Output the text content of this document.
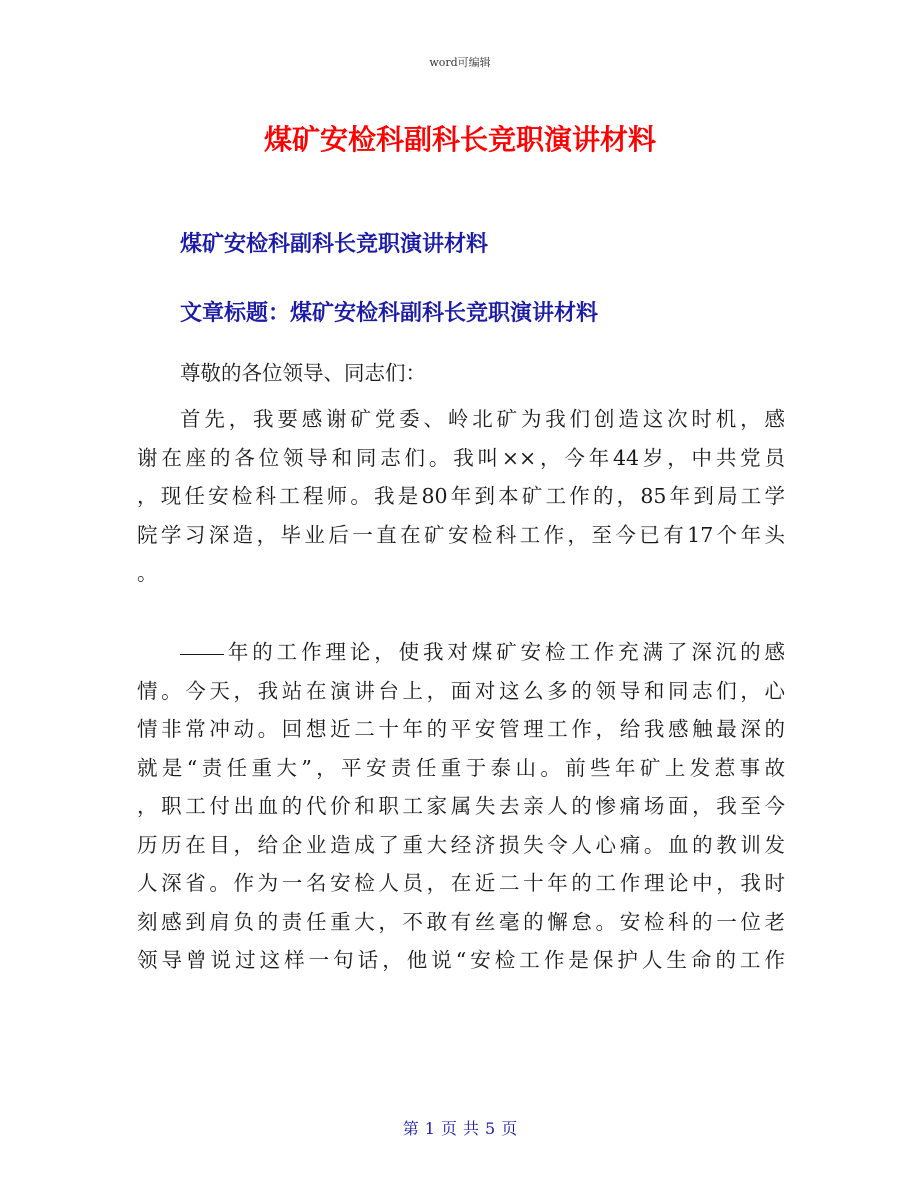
word可编辑
煤矿安检科副科长竞职演讲材料
煤矿安检科副科长竞职演讲材料
文章标题：煤矿安检科副科长竞职演讲材料

尊敬的各位领导、同志们：

首先，我要感谢矿党委、岭北矿为我们创造这次时机，感
谢在座的各位领导和同志们。我叫××，今年44岁，中共党员
，现任安检科工程师。我是80年到本矿工作的，85年到局工学
院学习深造，毕业后一直在矿安检科工作，至今已有17个年头
。
年的工作理论，使我对煤矿安检工作充满了深沉的感
情。今天，我站在演讲台上，面对这么多的领导和同志们，心
情非常冲动。回想近二十年的平安管理工作，给我感触最深的
就是“责任重大”，平安责任重于泰山。前些年矿上发惹事故
，职工付出血的代价和职工家属失去亲人的惨痛场面，我至今
历历在目，给企业造成了重大经济损失令人心痛。血的教训发
人深省。作为一名安检人员，在近二十年的工作理论中，我时
刻感到肩负的责任重大，不敢有丝毫的懈怠。安检科的一位老
领导曾说过这样一句话，他说“安检工作是保护人生命的工作
第 1 页 共 5 页
